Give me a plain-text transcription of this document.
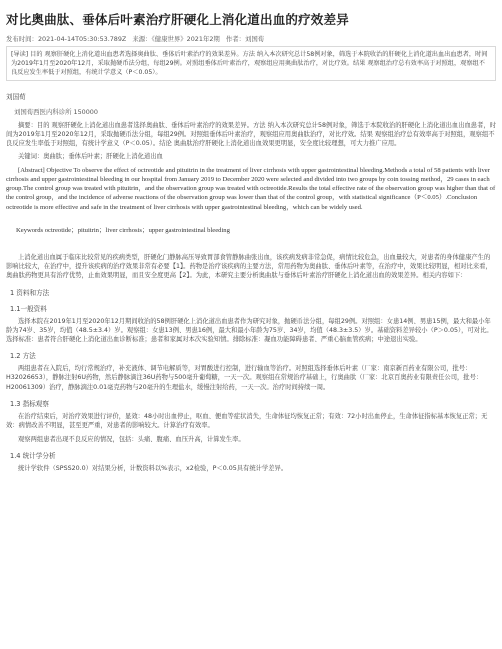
对比奥曲肽、垂体后叶素治疗肝硬化上消化道出血的疗效差异
发布时间：2021-04-14T05:30:53.789Z 来源：《健康世界》2021年2期 作者：刘国荀
[导读] 目的 观察肝硬化上消化道出血患者选择奥曲肽、垂体后叶素治疗的效果差异。方法 纳入本次研究总计58例对象，筛选于本院收治的肝硬化上消化道出血出血患者，时间为2019年1月至2020年12月，采取抛硬币法分组，每组29例。对照组垂体后叶素治疗，观察组应用奥曲肽治疗，对比疗效。结果 观察组治疗总有效率高于对照组，观察组不良反应发生率低于对照组，有统计学意义（P＜0.05）。
刘国荀
刘国荀西医内科诊所 150000

摘要：目的 观察肝硬化上消化道出血患者选择奥曲肽、垂体后叶素治疗的效果差异。方法 纳入本次研究总计58例对象，筛选于本院收治的肝硬化上消化道出血出血患者，时间为2019年1月至2020年12月，采取抛硬币法分组，每组29例。对照组垂体后叶素治疗，观察组应用奥曲肽治疗，对比疗效。结果 观察组治疗总有效率高于对照组，观察组不良反应发生率低于对照组，有统计学意义（P＜0.05）。结论 奥曲肽治疗肝硬化上消化道出血效果更明显，安全度比较理想，可大力推广应用。

关键词：奥曲肽；垂体后叶素；肝硬化上消化道出血

[Abstract] Objective To observe the effect of octreotide and pituitrin in the treatment of liver cirrhosis with upper gastrointestinal bleeding.Methods a total of 58 patients with liver cirrhosis and upper gastrointestinal bleeding in our hospital from January 2019 to December 2020 were selected and divided into two groups by coin tossing method，29 cases in each group.The control group was treated with pituitrin，and the observation group was treated with octreotide.Results the total effective rate of the observation group was higher than that of the control group，and the incidence of adverse reactions of the observation group was lower than that of the control group，with statistical significance（P＜0.05）.Conclusion octreotide is more effective and safe in the treatment of liver cirrhosis with upper gastrointestinal bleeding，which can be widely used.

Keywords octreotide；pituitrin；liver cirrhosis；upper gastrointestinal bleeding

上消化道出血属于临床比较常见的疾病类型，肝硬化门静脉高压导致胃部食管静脉曲张出血，该疾病发病非常急促，病情比较危急，出血量较大，对患者的身体健康产生的影响比较大，在治疗中，提升该疾病的治疗效果非常有必要【1】。药物是治疗该疾病的主要方法，常用药物为奥曲肽、垂体后叶素等，在治疗中，效果比较明显，相对比来看，奥曲肽药物更具有治疗优势，止血效果明显，而且安全度更高【2】。为此，本研究主要分析奥曲肽与垂体后叶素治疗肝硬化上消化道出血的效果差异。相关内容如下：

1 资料和方法
1.1一般资料

选择本院在2019年1月至2020年12月期间收治的58例肝硬化上消化道出血患者作为研究对象，抛硬币法分组，每组29例。对照组：女患14例、男患15例，最大和最小年龄为74岁、35岁，均值（48.5±3.4）岁。观察组：女患13例、男患16例，最大和最小年龄为75岁、34岁，均值（48.3±3.5）岁。基础资料差异较小（P＞0.05），可对比。选择标准：患者符合肝硬化上消化道出血诊断标准；患者和家属对本次实验知情。排除标准：凝血功能障碍患者、严重心脑血管疾病；中途退出实验。

1.2 方法

两组患者在入院后，均行常规治疗，补充液体、调节电解质等，对胃酸进行控制，进行输血等治疗。对照组选择垂体后叶素（厂家：南京新百药业有限公司，批号：H32026653），静脉注射6U药物，然后静脉滴注36U药物与500毫升葡萄糖，一天一次。观察组在常规治疗基础上，行奥曲肽（厂家：北京百奥药业有限责任公司，批号：H20061309）治疗，静脉滴注0.01毫克药物与20毫升的生理盐水，缓慢注射给药，一天一次。治疗时间持续一周。

1.3 指标观察

在治疗结束后，对治疗效果进行评价，显效：48小时出血停止，呕血、便血等症状消失，生命体征均恢复正常；有效：72小时出血停止，生命体征指标基本恢复正常；无效：病情改善不明显，甚至更严重，对患者的影响较大。计算治疗有效率。

观察两组患者出现不良反应的情况，包括：头痛、腹痛、血压升高，计算发生率。

1.4 统计学分析

统计学软件（SPSS20.0）对结果分析，计数资料以%表示，x2检验，P＜0.05具有统计学差异。
